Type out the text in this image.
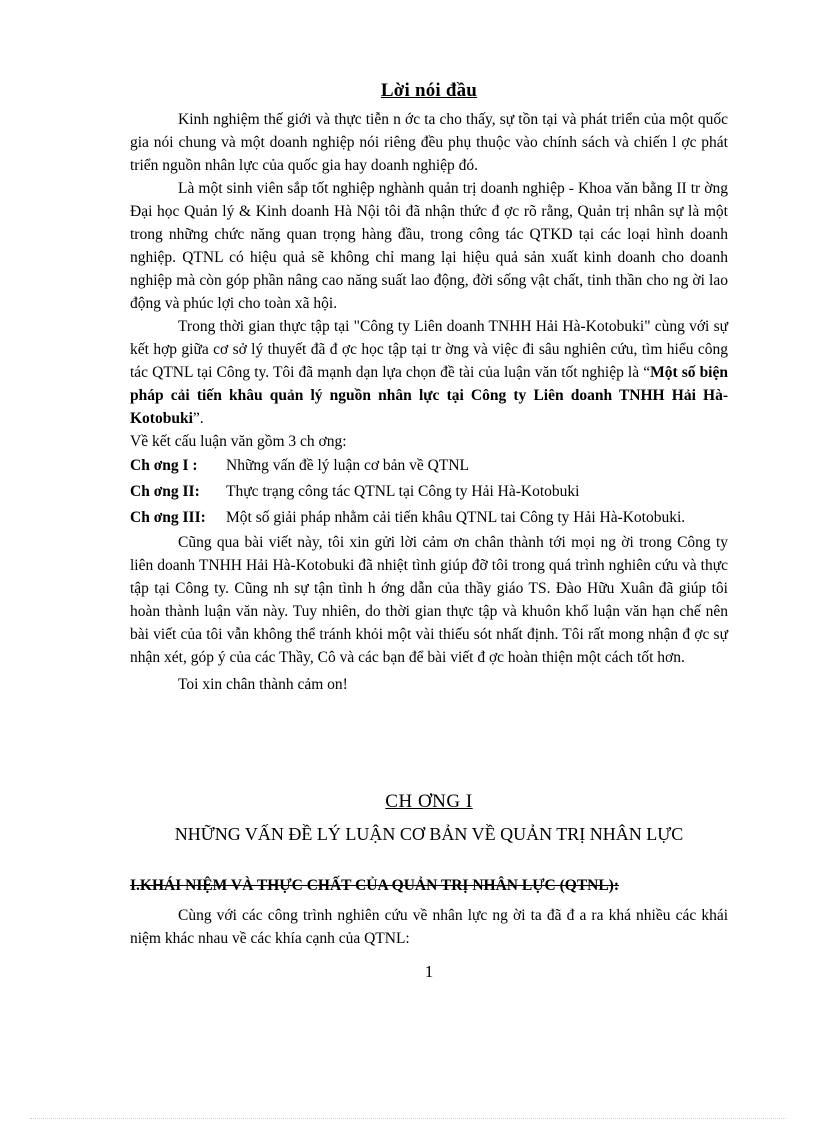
Lời nói đầu

Kinh nghiệm thế giới và thực tiễn n ớc ta cho thấy, sự tồn tại và phát triển của một quốc gia nói chung và một doanh nghiệp nói riêng đều phụ thuộc vào chính sách và chiến l ợc phát triển nguồn nhân lực của quốc gia hay doanh nghiệp đó.

Là một sinh viên sắp tốt nghiệp nghành quản trị doanh nghiệp - Khoa văn bằng II tr ờng Đại học Quản lý & Kinh doanh Hà Nội tôi đã nhận thức đ ợc rõ rằng, Quản trị nhân sự là một trong những chức năng quan trọng hàng đầu, trong công tác QTKD tại các loại hình doanh nghiệp. QTNL có hiệu quả sẽ không chỉ mang lại hiệu quả sản xuất kinh doanh cho doanh nghiệp mà còn góp phần nâng cao năng suất lao động, đời sống vật chất, tinh thần cho ng ời lao động và phúc lợi cho toàn xã hội.

Trong thời gian thực tập tại "Công ty Liên doanh TNHH Hải Hà-Kotobuki" cùng với sự kết hợp giữa cơ sở lý thuyết đã đ ợc học tập tại tr ờng và việc đi sâu nghiên cứu, tìm hiểu công tác QTNL tại Công ty. Tôi đã mạnh dạn lựa chọn đề tài của luận văn tốt nghiệp là “Một số biện pháp cải tiến khâu quản lý nguồn nhân lực tại Công ty Liên doanh TNHH Hải Hà-Kotobuki”.

Về kết cấu luận văn gồm 3 ch ơng:

Ch ơng I : Những vấn đề lý luận cơ bản về QTNL

Ch ơng II: Thực trạng công tác QTNL tại Công ty Hải Hà-Kotobuki

Ch ơng III: Một số giải pháp nhằm cải tiến khâu QTNL tai Công ty Hải Hà-Kotobuki.

Cũng qua bài viết này, tôi xin gửi lời cảm ơn chân thành tới mọi ng ời trong Công ty liên doanh TNHH Hải Hà-Kotobuki đã nhiệt tình giúp đỡ tôi trong quá trình nghiên cứu và thực tập tại Công ty. Cũng nh sự tận tình h ớng dẫn của thầy giáo TS. Đào Hữu Xuân đã giúp tôi hoàn thành luận văn này. Tuy nhiên, do thời gian thực tập và khuôn khổ luận văn hạn chế nên bài viết của tôi vẫn không thể tránh khỏi một vài thiếu sót nhất định. Tôi rất mong nhận đ ợc sự nhận xét, góp ý của các Thầy, Cô và các bạn để bài viết đ ợc hoàn thiện một cách tốt hơn.

Toi xin chân thành cảm on!

CH ƠNG I
NHỮNG VẤN ĐỀ LÝ LUẬN CƠ BẢN VỀ QUẢN TRỊ NHÂN LỰC
I.KHÁI NIỆM VÀ THỰC CHẤT CỦA QUẢN TRỊ NHÂN LỰC (QTNL):

Cùng với các công trình nghiên cứu về nhân lực ng ời ta đã đ a ra khá nhiều các khái niệm khác nhau về các khía cạnh của QTNL:

1
